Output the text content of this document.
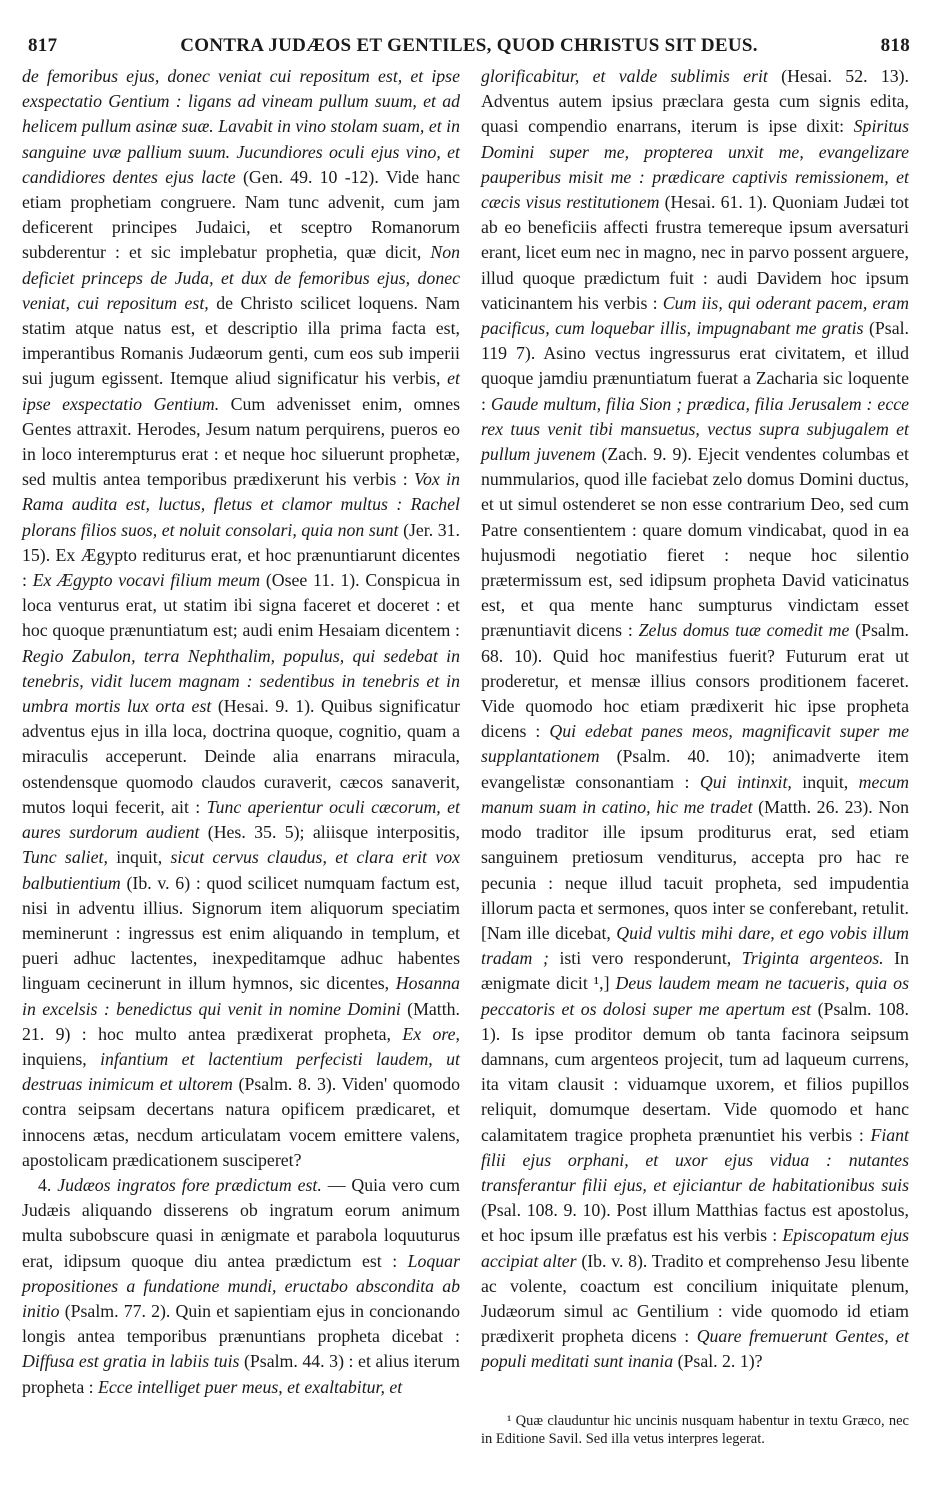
817	CONTRA JUDÆOS ET GENTILES, QUOD CHRISTUS SIT DEUS.	818

de femoribus ejus, donec veniat cui repositum est, et ipse exspectatio Gentium : ligans ad vineam pullum suum, et ad helicem pullum asinæ suæ. Lavabit in vino stolam suam, et in sanguine uvæ pallium suum. Jucundiores oculi ejus vino, et candidiores dentes ejus lacte (Gen. 49. 10 -12). Vide hanc etiam prophetiam congruere. Nam tunc advenit, cum jam deficerent principes Judaici, et sceptro Romanorum subderentur : et sic implebatur prophetia, quæ dicit, Non deficiet princeps de Juda, et dux de femoribus ejus, donec veniat, cui repositum est, de Christo scilicet loquens. Nam statim atque natus est, et descriptio illa prima facta est, imperantibus Romanis Judæorum genti, cum eos sub imperii sui jugum egissent. Itemque aliud significatur his verbis, et ipse exspectatio Gentium. Cum advenisset enim, omnes Gentes attraxit. Herodes, Jesum natum perquirens, pueros eo in loco interempturus erat : et neque hoc siluerunt prophetæ, sed multis antea temporibus prædixerunt his verbis : Vox in Rama audita est, luctus, fletus et clamor multus : Rachel plorans filios suos, et noluit consolari, quia non sunt (Jer. 31. 15). Ex Ægypto rediturus erat, et hoc prænuntiarunt dicentes : Ex Ægypto vocavi filium meum (Osee 11. 1). Conspicua in loca venturus erat, ut statim ibi signa faceret et doceret : et hoc quoque prænuntiatum est; audi enim Hesaiam dicentem : Regio Zabulon, terra Nephthalim, populus, qui sedebat in tenebris, vidit lucem magnam : sedentibus in tenebris et in umbra mortis lux orta est (Hesai. 9. 1). Quibus significatur adventus ejus in illa loca, doctrina quoque, cognitio, quam a miraculis acceperunt. Deinde alia enarrans miracula, ostendensque quomodo claudos curaverit, cæcos sanaverit, mutos loqui fecerit, ait : Tunc aperientur oculi cæcorum, et aures surdorum audient (Hes. 35. 5); aliisque interpositis, Tunc saliet, inquit, sicut cervus claudus, et clara erit vox balbutientium (Ib. v. 6) : quod scilicet numquam factum est, nisi in adventu illius. Signorum item aliquorum speciatim meminerunt : ingressus est enim aliquando in templum, et pueri adhuc lactentes, inexpeditamque adhuc habentes linguam cecinerunt in illum hymnos, sic dicentes, Hosanna in excelsis : benedictus qui venit in nomine Domini (Matth. 21. 9) : hoc multo antea prædixerat propheta, Ex ore, inquiens, infantium et lactentium perfecisti laudem, ut destruas inimicum et ultorem (Psalm. 8. 3). Viden' quomodo contra seipsam decertans natura opificem prædicaret, et innocens ætas, necdum articulatam vocem emittere valens, apostolicam prædicationem susciperet?

4. Judæos ingratos fore prædictum est. — Quia vero cum Judæis aliquando disserens ob ingratum eorum animum multa subobscure quasi in ænigmate et parabola loquuturus erat, idipsum quoque diu antea prædictum est : Loquar propositiones a fundatione mundi, eructabo abscondita ab initio (Psalm. 77. 2). Quin et sapientiam ejus in concionando longis antea temporibus prænuntians propheta dicebat : Diffusa est gratia in labiis tuis (Psalm. 44. 3) : et alius iterum propheta : Ecce intelliget puer meus, et exaltabitur, et

glorificabitur, et valde sublimis erit (Hesai. 52. 13). Adventus autem ipsius præclara gesta cum signis edita, quasi compendio enarrans, iterum is ipse dixit: Spiritus Domini super me, propterea unxit me, evangelizare pauperibus misit me : prædicare captivis remissionem, et cæcis visus restitutionem (Hesai. 61. 1). Quoniam Judæi tot ab eo beneficiis affecti frustra temereque ipsum aversaturi erant, licet eum nec in magno, nec in parvo possent arguere, illud quoque prædictum fuit : audi Davidem hoc ipsum vaticinantem his verbis : Cum iis, qui oderant pacem, eram pacificus, cum loquebar illis, impugnabant me gratis (Psal. 119 7). Asino vectus ingressurus erat civitatem, et illud quoque jamdiu prænuntiatum fuerat a Zacharia sic loquente : Gaude multum, filia Sion ; prædica, filia Jerusalem : ecce rex tuus venit tibi mansuetus, vectus supra subjugalem et pullum juvenem (Zach. 9. 9). Ejecit vendentes columbas et nummularios, quod ille faciebat zelo domus Domini ductus, et ut simul ostenderet se non esse contrarium Deo, sed cum Patre consentientem : quare domum vindicabat, quod in ea hujusmodi negotiatio fieret : neque hoc silentio prætermissum est, sed idipsum propheta David vaticinatus est, et qua mente hanc sumpturus vindictam esset prænuntiavit dicens : Zelus domus tuæ comedit me (Psalm. 68. 10). Quid hoc manifestius fuerit? Futurum erat ut proderetur, et mensæ illius consors proditionem faceret. Vide quomodo hoc etiam prædixerit hic ipse propheta dicens : Qui edebat panes meos, magnificavit super me supplantationem (Psalm. 40. 10); animadverte item evangelistæ consonantiam : Qui intinxit, inquit, mecum manum suam in catino, hic me tradet (Matth. 26. 23). Non modo traditor ille ipsum proditurus erat, sed etiam sanguinem pretiosum venditurus, accepta pro hac re pecunia : neque illud tacuit propheta, sed impudentia illorum pacta et sermones, quos inter se conferebant, retulit. [Nam ille dicebat, Quid vultis mihi dare, et ego vobis illum tradam ; isti vero responderunt, Triginta argenteos. In ænigmate dicit ¹,] Deus laudem meam ne tacueris, quia os peccatoris et os dolosi super me apertum est (Psalm. 108. 1). Is ipse proditor demum ob tanta facinora seipsum damnans, cum argenteos projecit, tum ad laqueum currens, ita vitam clausit : viduamque uxorem, et filios pupillos reliquit, domumque desertam. Vide quomodo et hanc calamitatem tragice propheta prænuntiet his verbis : Fiant filii ejus orphani, et uxor ejus vidua : nutantes transferantur filii ejus, et ejiciantur de habitationibus suis (Psal. 108. 9. 10). Post illum Matthias factus est apostolus, et hoc ipsum ille præfatus est his verbis : Episcopatum ejus accipiat alter (Ib. v. 8). Tradito et comprehenso Jesu libente ac volente, coactum est concilium iniquitate plenum, Judæorum simul ac Gentilium : vide quomodo id etiam prædixerit propheta dicens : Quare fremuerunt Gentes, et populi meditati sunt inania (Psal. 2. 1)?

¹ Quæ clauduntur hic uncinis nusquam habentur in textu Græco, nec in Editione Savil. Sed illa vetus interpres legerat.
